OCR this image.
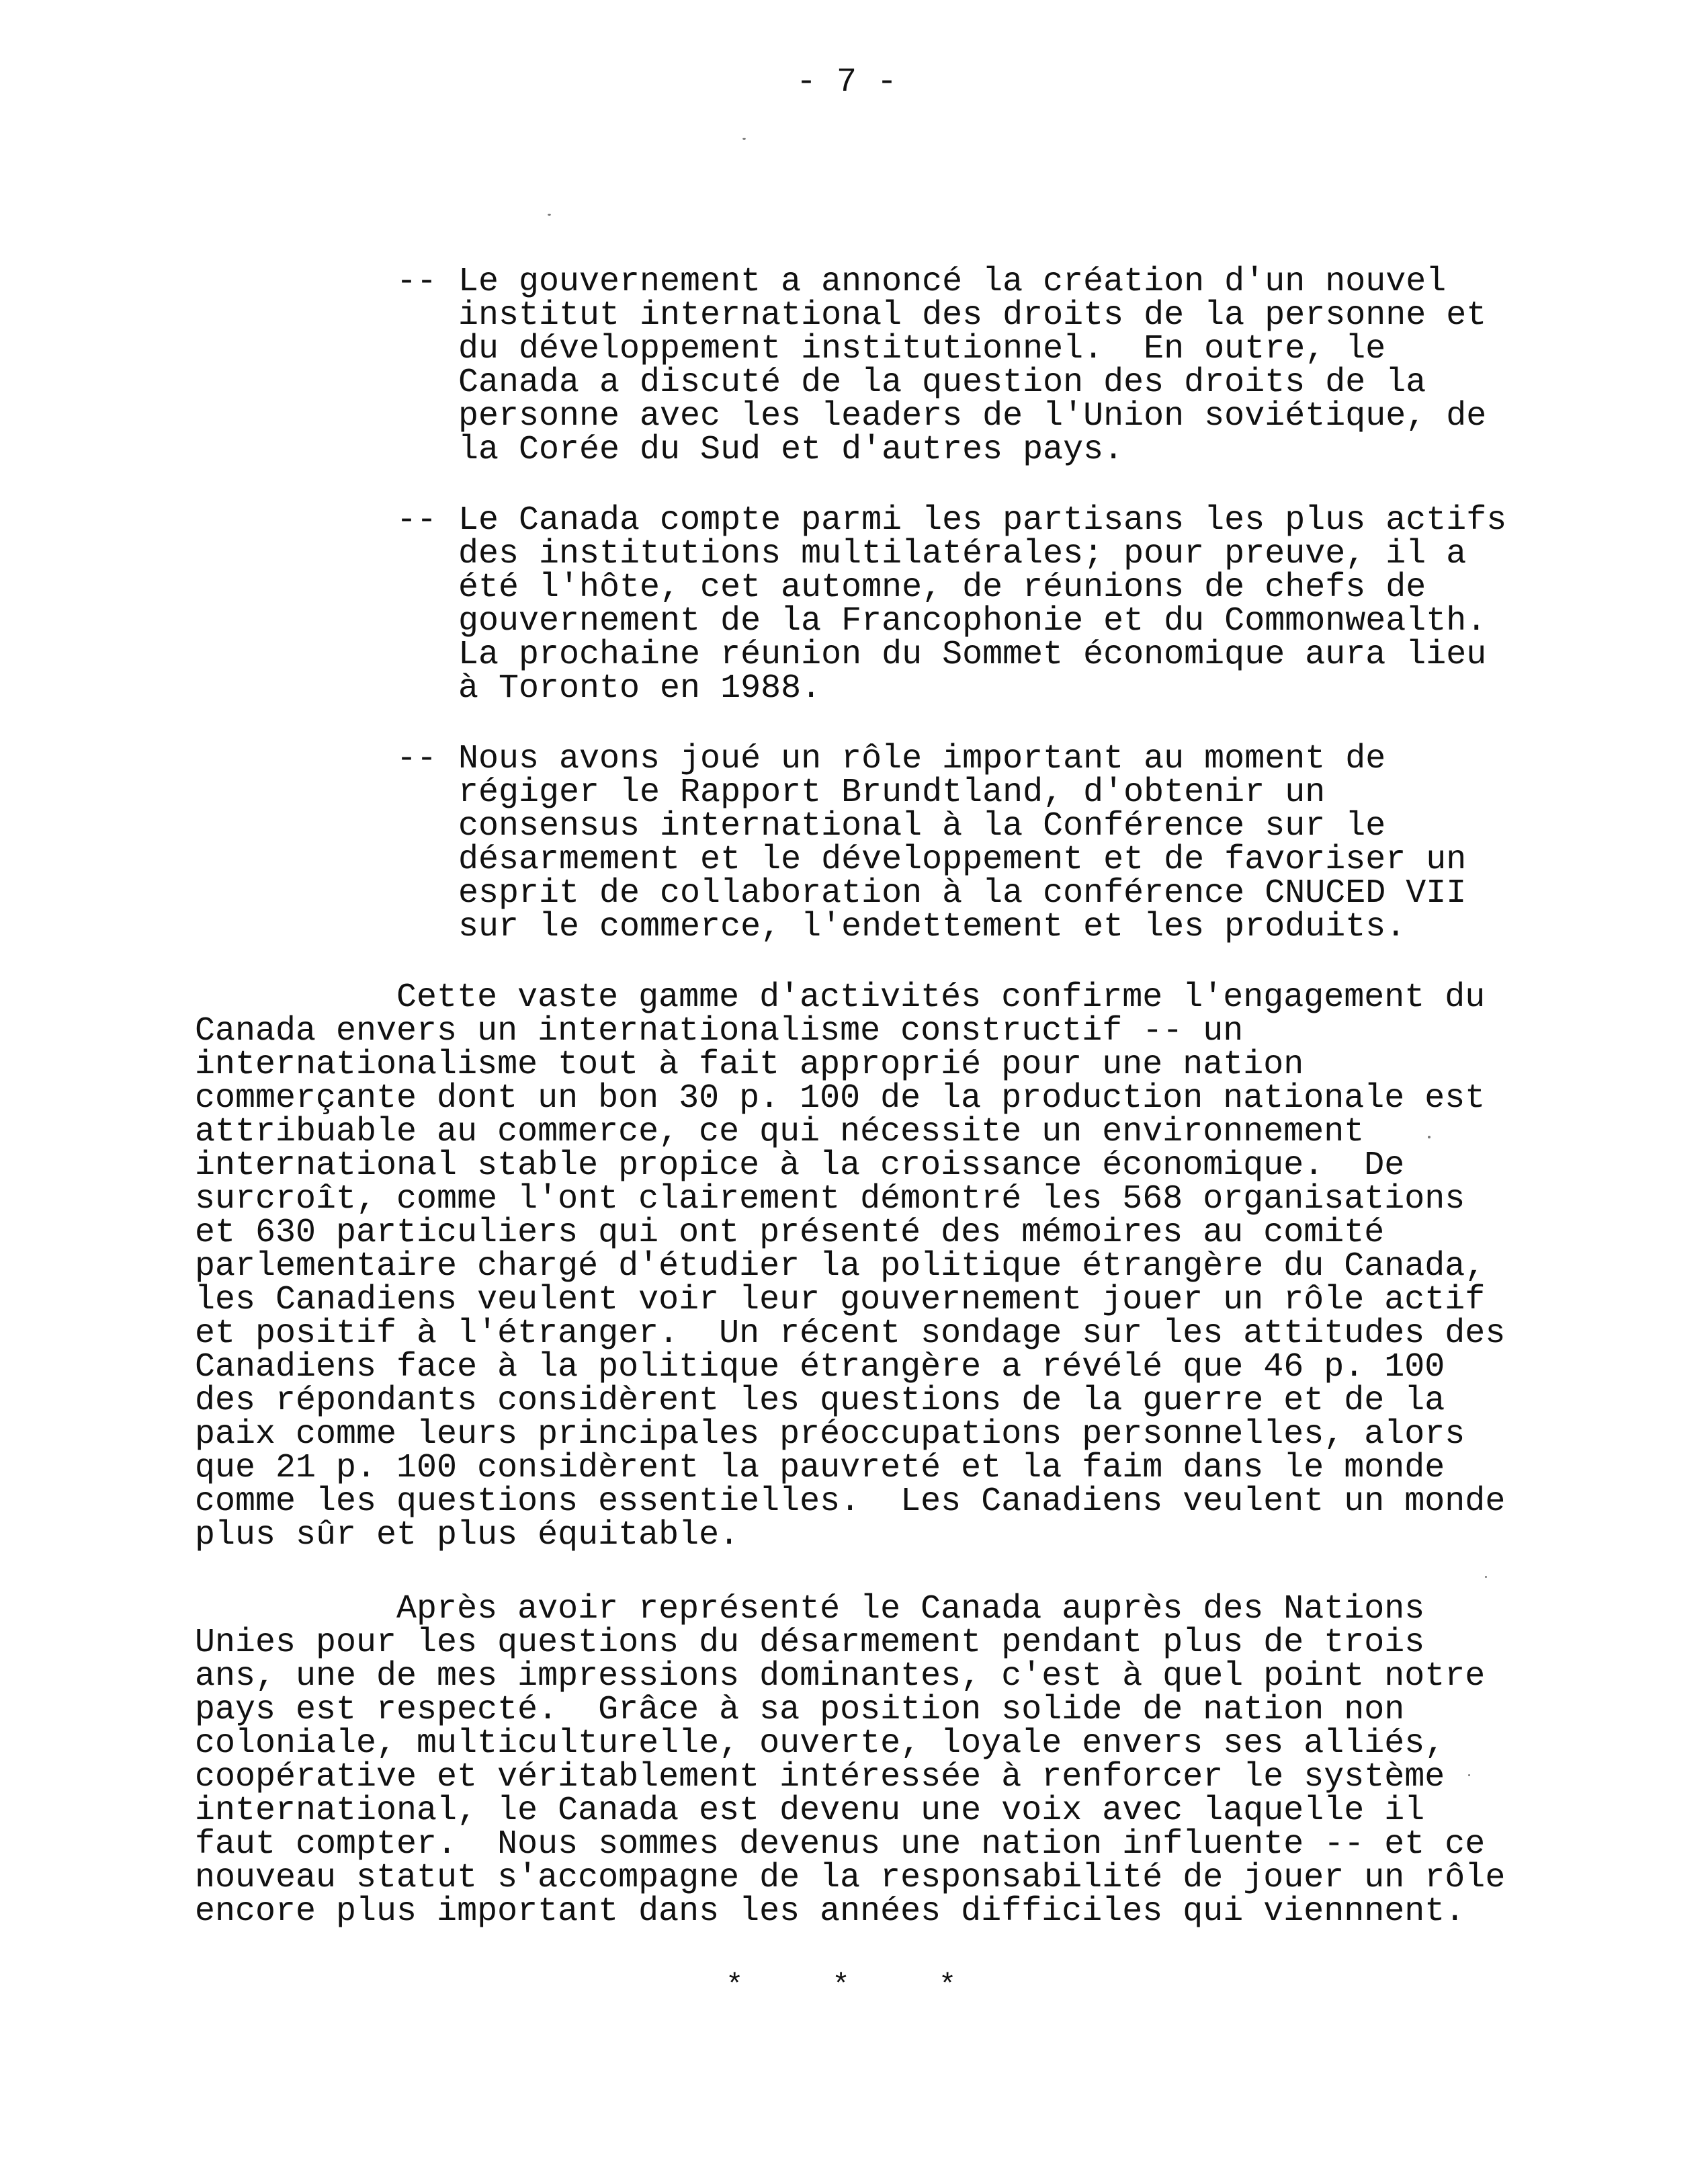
- 7 -
-- Le gouvernement a annoncé la création d'un nouvel
institut international des droits de la personne et
du développement institutionnel.  En outre, le
Canada a discuté de la question des droits de la
personne avec les leaders de l'Union soviétique, de
la Corée du Sud et d'autres pays.
-- Le Canada compte parmi les partisans les plus actifs
des institutions multilatérales; pour preuve, il a
été l'hôte, cet automne, de réunions de chefs de
gouvernement de la Francophonie et du Commonwealth.
La prochaine réunion du Sommet économique aura lieu
à Toronto en 1988.
-- Nous avons joué un rôle important au moment de
régiger le Rapport Brundtland, d'obtenir un
consensus international à la Conférence sur le
désarmement et le développement et de favoriser un
esprit de collaboration à la conférence CNUCED VII
sur le commerce, l'endettement et les produits.
Cette vaste gamme d'activités confirme l'engagement du
Canada envers un internationalisme constructif -- un
internationalisme tout à fait approprié pour une nation
commerçante dont un bon 30 p. 100 de la production nationale est
attribuable au commerce, ce qui nécessite un environnement
international stable propice à la croissance économique.  De
surcroît, comme l'ont clairement démontré les 568 organisations
et 630 particuliers qui ont présenté des mémoires au comité
parlementaire chargé d'étudier la politique étrangère du Canada,
les Canadiens veulent voir leur gouvernement jouer un rôle actif
et positif à l'étranger.  Un récent sondage sur les attitudes des
Canadiens face à la politique étrangère a révélé que 46 p. 100
des répondants considèrent les questions de la guerre et de la
paix comme leurs principales préoccupations personnelles, alors
que 21 p. 100 considèrent la pauvreté et la faim dans le monde
comme les questions essentielles.  Les Canadiens veulent un monde
plus sûr et plus équitable.
Après avoir représenté le Canada auprès des Nations
Unies pour les questions du désarmement pendant plus de trois
ans, une de mes impressions dominantes, c'est à quel point notre
pays est respecté.  Grâce à sa position solide de nation non
coloniale, multiculturelle, ouverte, loyale envers ses alliés,
coopérative et véritablement intéressée à renforcer le système
international, le Canada est devenu une voix avec laquelle il
faut compter.  Nous sommes devenus une nation influente -- et ce
nouveau statut s'accompagne de la responsabilité de jouer un rôle
encore plus important dans les années difficiles qui viennnent.
*     *     *
